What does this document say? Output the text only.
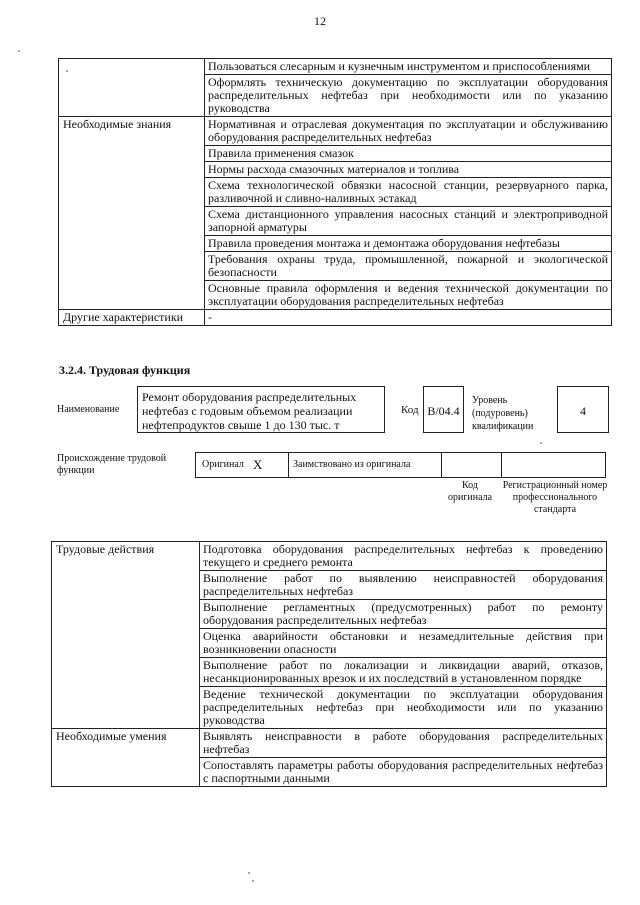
12
	Пользоваться слесарным и кузнечным инструментом и приспособлениями
	Оформлять техническую документацию по эксплуатации оборудования распределительных нефтебаз при необходимости или по указанию руководства
Необходимые знания	Нормативная и отраслевая документация по эксплуатации и обслуживанию оборудования распределительных нефтебаз
	Правила применения смазок
	Нормы расхода смазочных материалов и топлива
	Схема технологической обвязки насосной станции, резервуарного парка, разливочной и сливно-наливных эстакад
	Схема дистанционного управления насосных станций и электроприводной запорной арматуры
	Правила проведения монтажа и демонтажа оборудования нефтебазы
	Требования охраны труда, промышленной, пожарной и экологической безопасности
	Основные правила оформления и ведения технической документации по эксплуатации оборудования распределительных нефтебаз
Другие характеристики	-
3.2.4. Трудовая функция
Наименование
Ремонт оборудования распределительных нефтебаз с годовым объемом реализации нефтепродуктов свыше 1 до 130 тыс. т
Код B/04.4
Уровень (подуровень) квалификации
4
Происхождение трудовой функции
Оригинал X	Заимствовано из оригинала
Код оригинала
Регистрационный номер профессионального стандарта
Трудовые действия	Подготовка оборудования распределительных нефтебаз к проведению текущего и среднего ремонта
	Выполнение работ по выявлению неисправностей оборудования распределительных нефтебаз
	Выполнение регламентных (предусмотренных) работ по ремонту оборудования распределительных нефтебаз
	Оценка аварийности обстановки и незамедлительные действия при возникновении опасности
	Выполнение работ по локализации и ликвидации аварий, отказов, несанкционированных врезок и их последствий в установленном порядке
	Ведение технической документации по эксплуатации оборудования распределительных нефтебаз при необходимости или по указанию руководства
Необходимые умения	Выявлять неисправности в работе оборудования распределительных нефтебаз
	Сопоставлять параметры работы оборудования распределительных нефтебаз с паспортными данными
